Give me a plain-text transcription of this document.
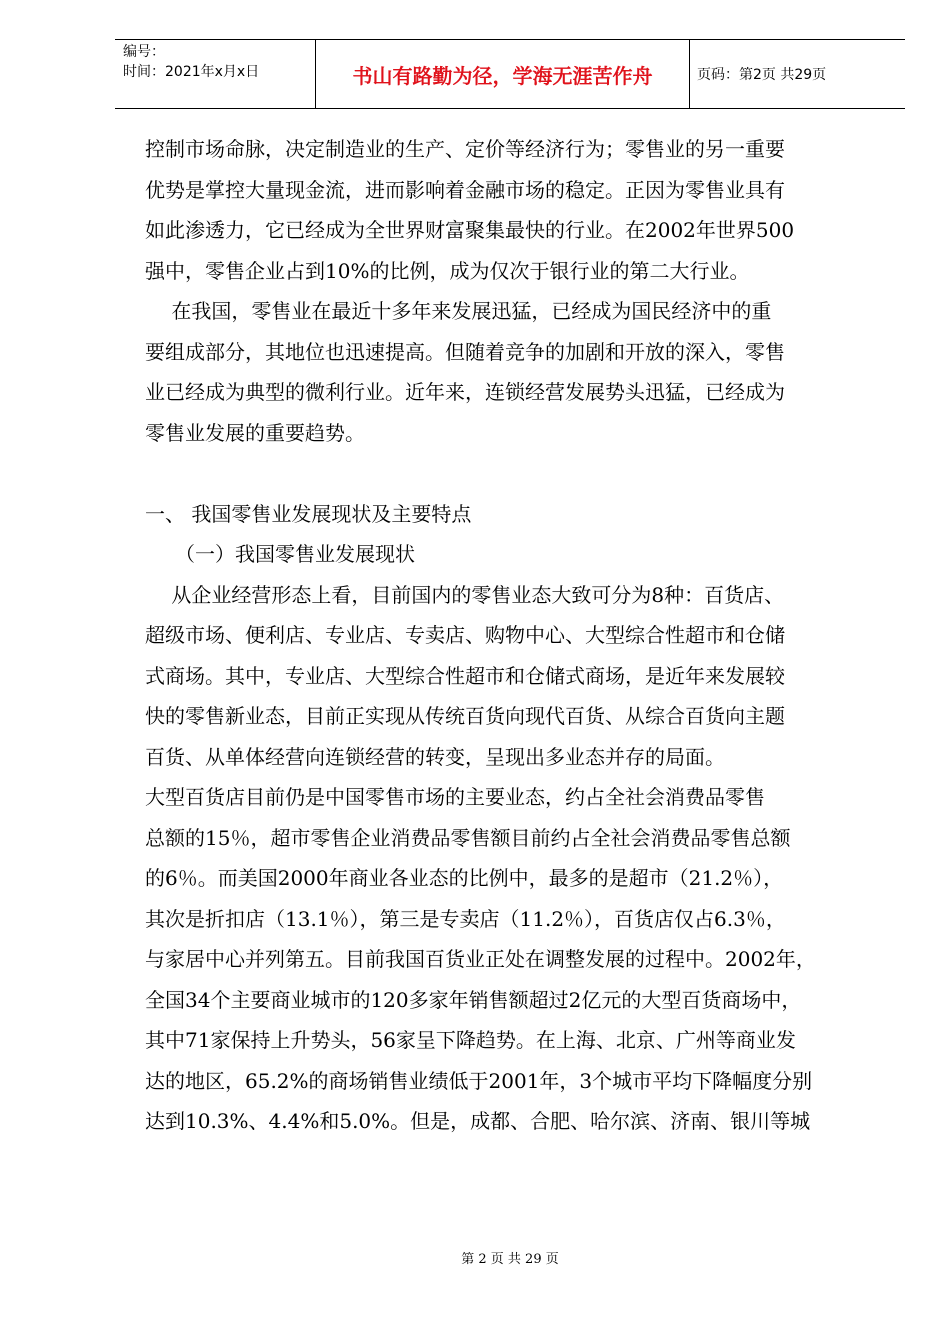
编号：
时间：2021年x月x日	书山有路勤为径，学海无涯苦作舟	页码：第2页 共29页
控制市场命脉，决定制造业的生产、定价等经济行为；零售业的另一重要
优势是掌控大量现金流，进而影响着金融市场的稳定。正因为零售业具有
如此渗透力，它已经成为全世界财富聚集最快的行业。在2002年世界500
强中，零售企业占到10%的比例，成为仅次于银行业的第二大行业。
　 在我国，零售业在最近十多年来发展迅猛，已经成为国民经济中的重
要组成部分，其地位也迅速提高。但随着竞争的加剧和开放的深入，零售
业已经成为典型的微利行业。近年来，连锁经营发展势头迅猛，已经成为
零售业发展的重要趋势。
一、 我国零售业发展现状及主要特点
　　（一）我国零售业发展现状
　 从企业经营形态上看，目前国内的零售业态大致可分为8种：百货店、
超级市场、便利店、专业店、专卖店、购物中心、大型综合性超市和仓储
式商场。其中，专业店、大型综合性超市和仓储式商场，是近年来发展较
快的零售新业态，目前正实现从传统百货向现代百货、从综合百货向主题
百货、从单体经营向连锁经营的转变，呈现出多业态并存的局面。
大型百货店目前仍是中国零售市场的主要业态，约占全社会消费品零售
总额的15％，超市零售企业消费品零售额目前约占全社会消费品零售总额
的6％。而美国2000年商业各业态的比例中，最多的是超市（21.2％），
其次是折扣店（13.1％），第三是专卖店（11.2％），百货店仅占6.3％，
与家居中心并列第五。目前我国百货业正处在调整发展的过程中。2002年，
全国34个主要商业城市的120多家年销售额超过2亿元的大型百货商场中，
其中71家保持上升势头，56家呈下降趋势。在上海、北京、广州等商业发
达的地区，65.2%的商场销售业绩低于2001年，3个城市平均下降幅度分别
达到10.3%、4.4%和5.0%。但是，成都、合肥、哈尔滨、济南、银川等城
第 2 页 共 29 页
